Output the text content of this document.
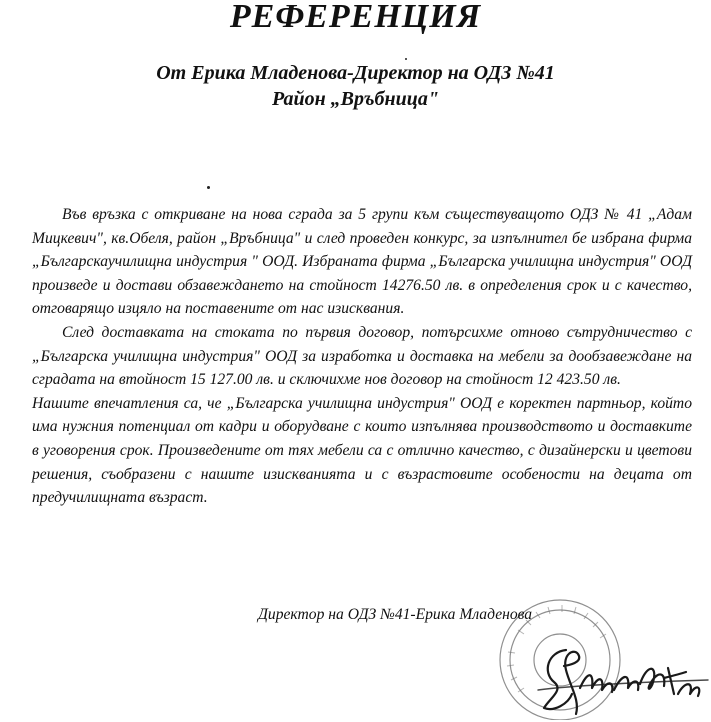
РЕФЕРЕНЦИЯ
От Ерика Младенова-Директор на ОДЗ №41
Район „Връбница"

Във връзка с откриване на нова сграда за 5 групи към съществуващото ОДЗ № 41 „Адам Мицкевич", кв.Обеля, район „Връбница" и след проведен конкурс, за изпълнител бе избрана фирма „Българскаучилищна индустрия " ООД. Избраната фирма „Българска училищна индустрия" ООД произведе и достави обзавеждането на стойност 14276.50 лв. в определения срок и с качество, отговарящо изцяло на поставените от нас изисквания.

След доставката на стоката по първия договор, потърсихме отново сътрудничество с „Българска училищна индустрия" ООД за изработка и доставка на мебели за дообзавеждане на сградата на втойност 15 127.00 лв. и сключихме нов договор на стойност 12 423.50 лв.

Нашите впечатления са, че „Българска училищна индустрия" ООД е коректен партньор, който има нужния потенциал от кадри и оборудване с които изпълнява производството и доставките в уговорения срок. Произведените от тях мебели са с отлично качество, с дизайнерски и цветови решения, съобразени с нашите изискванията и с възрастовите особености на децата от предучилищната възраст.

Директор на ОДЗ №41-Ерика Младенова
